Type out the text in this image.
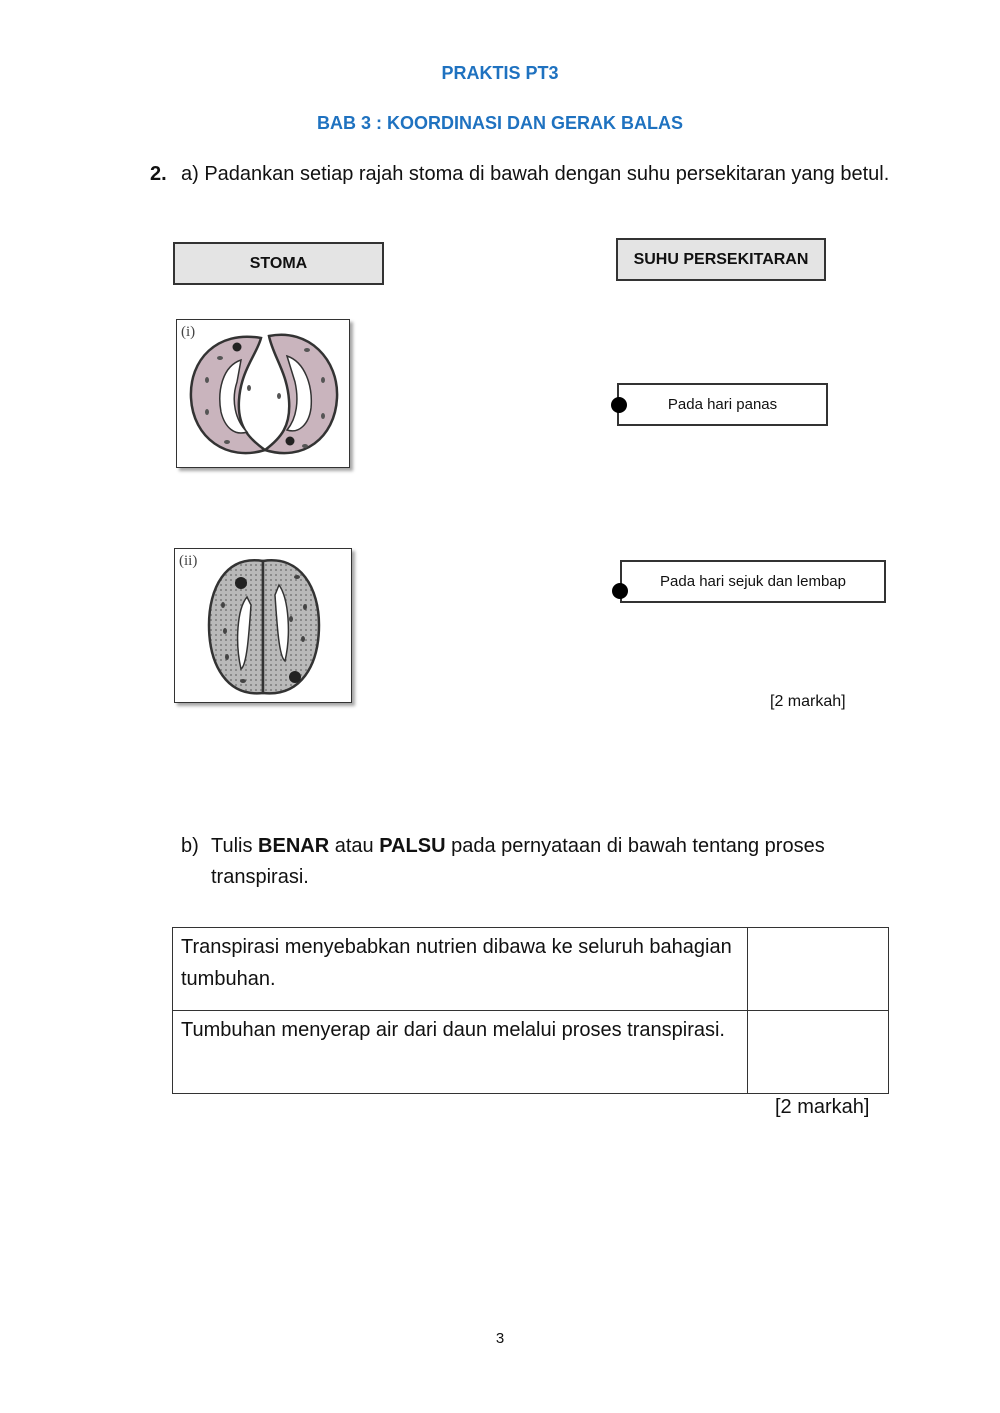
PRAKTIS PT3
BAB 3 : KOORDINASI DAN GERAK BALAS
2. a) Padankan setiap rajah stoma di bawah dengan suhu persekitaran yang betul.
STOMA	SUHU PERSEKITARAN
(i)
(ii)
Pada hari panas
Pada hari sejuk dan lembap
[2 markah]
b) Tulis BENAR atau PALSU pada pernyataan di bawah tentang proses transpirasi.
Transpirasi menyebabkan nutrien dibawa ke seluruh bahagian tumbuhan.	
Tumbuhan menyerap air dari daun melalui proses transpirasi.	
[2 markah]
3
